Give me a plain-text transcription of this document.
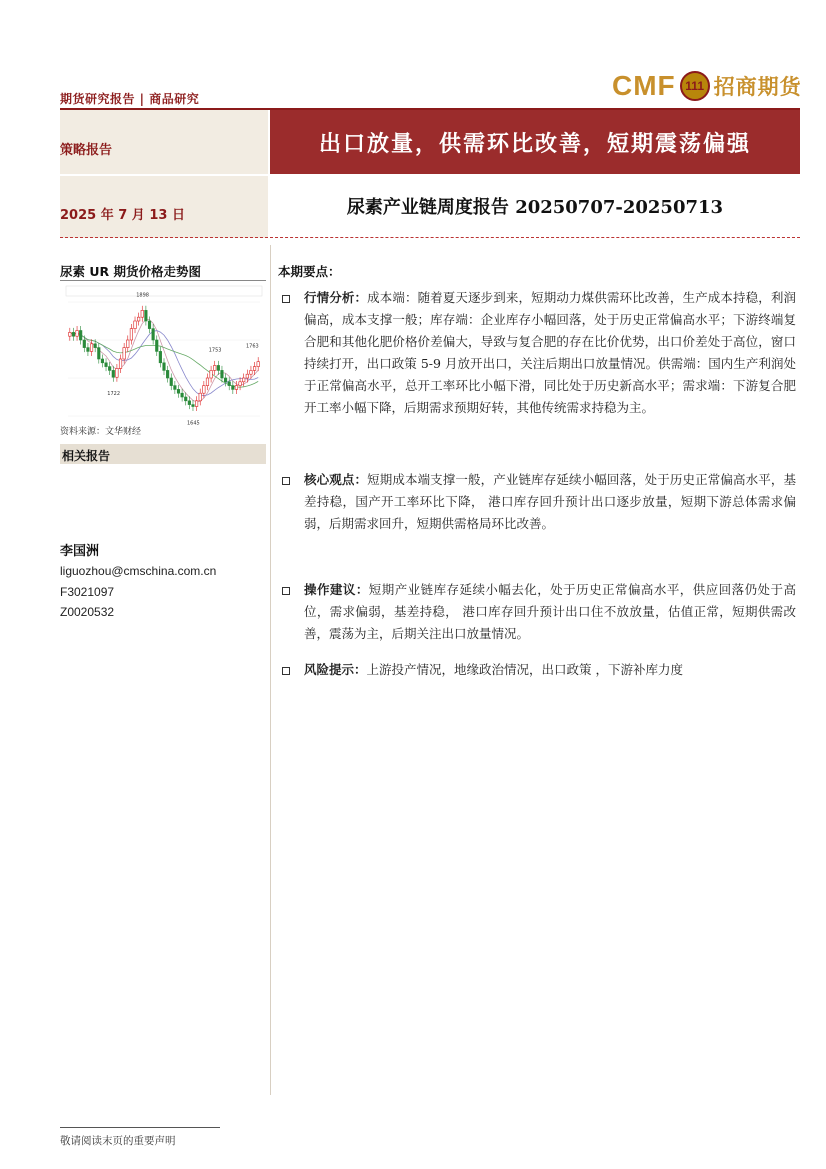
期货研究报告 | 商品研究	CMF 111 招商期货
策略报告	出口放量，供需环比改善，短期震荡偏强
2025 年 7 月 13 日	尿素产业链周度报告 20250707-20250713
尿素 UR 期货价格走势图
1898
1722
1753
1763
1645
资料来源：文华财经
相关报告
李国洲
liguozhou@cmschina.com.cn
F3021097
Z0020532
本期要点：
行情分析：成本端：随着夏天逐步到来，短期动力煤供需环比改善，生产成本持稳，利润偏高，成本支撑一般；库存端：企业库存小幅回落，处于历史正常偏高水平；下游终端复合肥和其他化肥价格价差偏大，导致与复合肥的存在比价优势，出口价差处于高位，窗口持续打开，出口政策 5-9 月放开出口，关注后期出口放量情况。供需端：国内生产利润处于正常偏高水平，总开工率环比小幅下滑，同比处于历史新高水平；需求端：下游复合肥开工率小幅下降，后期需求预期好转，其他传统需求持稳为主。
核心观点：短期成本端支撑一般，产业链库存延续小幅回落，处于历史正常偏高水平，基差持稳，国产开工率环比下降， 港口库存回升预计出口逐步放量，短期下游总体需求偏弱，后期需求回升，短期供需格局环比改善。
操作建议：短期产业链库存延续小幅去化，处于历史正常偏高水平，供应回落仍处于高位，需求偏弱，基差持稳， 港口库存回升预计出口住不放放量，估值正常，短期供需改善，震荡为主，后期关注出口放量情况。
风险提示：上游投产情况，地缘政治情况，出口政策 ，下游补库力度
敬请阅读末页的重要声明
